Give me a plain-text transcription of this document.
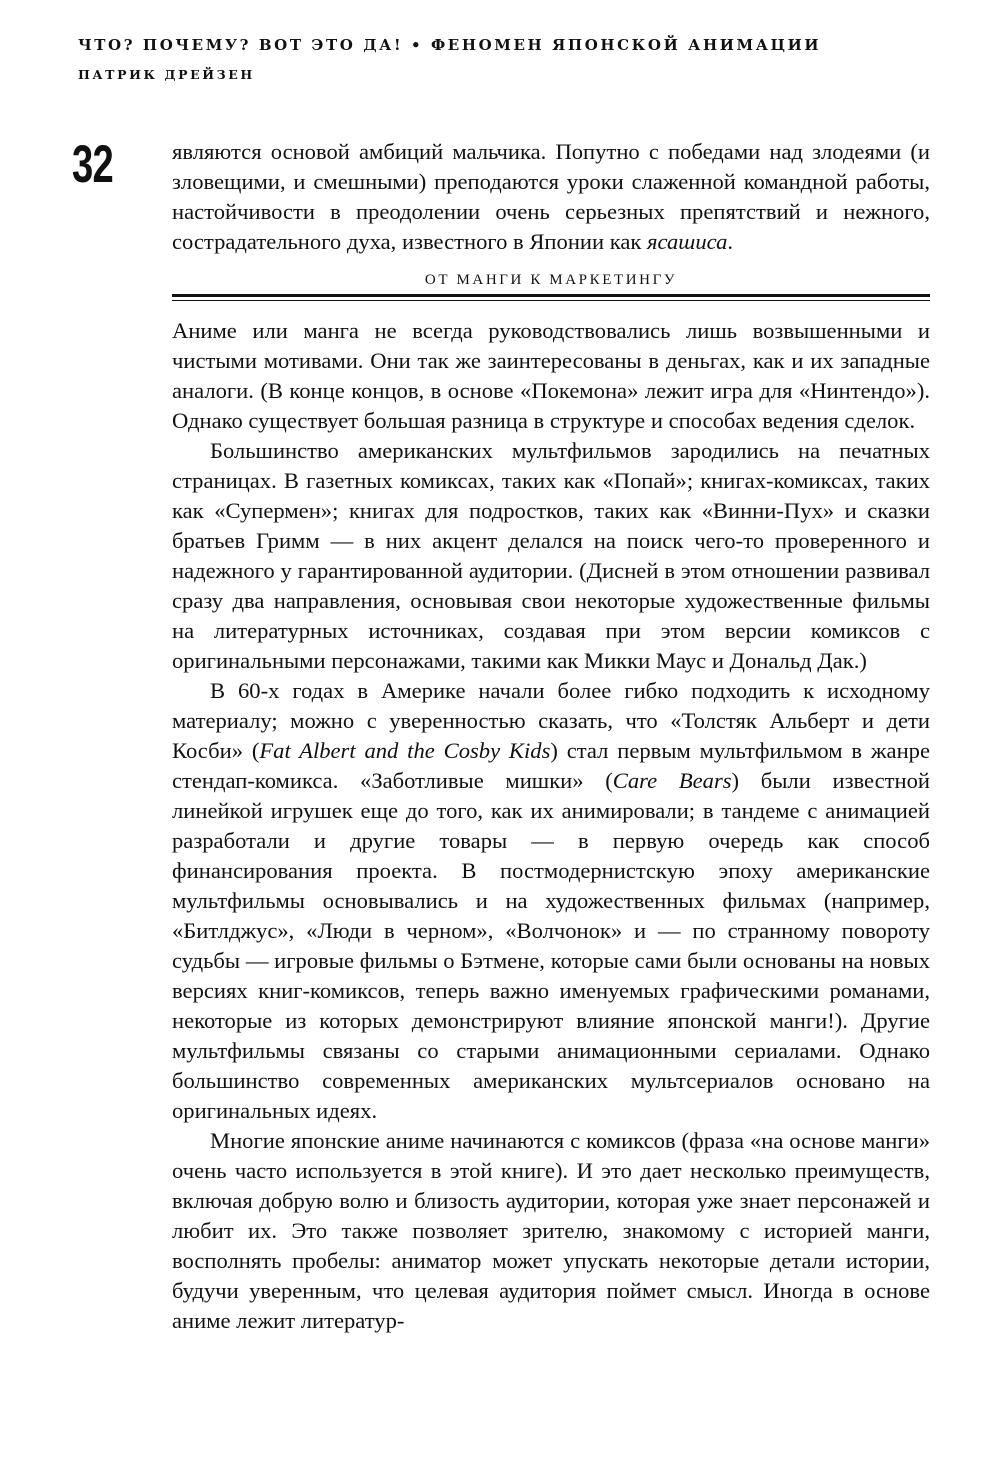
ЧТО? ПОЧЕМУ? ВОТ ЭТО ДА! • ФЕНОМЕН ЯПОНСКОЙ АНИМАЦИИ
ПАТРИК ДРЕЙЗЕН
32	являются основой амбиций мальчика. Попутно с победами над злодеями (и зловещими, и смешными) преподаются уроки слаженной командной работы, настойчивости в преодолении очень серьезных препятствий и нежного, сострадательного духа, известного в Японии как ясашиса.

ОТ МАНГИ К МАРКЕТИНГУ

Аниме или манга не всегда руководствовались лишь возвышенными и чистыми мотивами. Они так же заинтересованы в деньгах, как и их западные аналоги. (В конце концов, в основе «Покемона» лежит игра для «Нинтендо»). Однако существует большая разница в структуре и способах ведения сделок.

Большинство американских мультфильмов зародились на печатных страницах. В газетных комиксах, таких как «Попай»; книгах-комиксах, таких как «Супермен»; книгах для подростков, таких как «Винни-Пух» и сказки братьев Гримм — в них акцент делался на поиск чего-то проверенного и надежного у гарантированной аудитории. (Дисней в этом отношении развивал сразу два направления, основывая свои некоторые художественные фильмы на литературных источниках, создавая при этом версии комиксов с оригинальными персонажами, такими как Микки Маус и Дональд Дак.)

В 60-х годах в Америке начали более гибко подходить к исходному материалу; можно с уверенностью сказать, что «Толстяк Альберт и дети Косби» (Fat Albert and the Cosby Kids) стал первым мультфильмом в жанре стендап-комикса. «Заботливые мишки» (Care Bears) были известной линейкой игрушек еще до того, как их анимировали; в тандеме с анимацией разработали и другие товары — в первую очередь как способ финансирования проекта. В постмодернистскую эпоху американские мультфильмы основывались и на художественных фильмах (например, «Битлджус», «Люди в черном», «Волчонок» и — по странному повороту судьбы — игровые фильмы о Бэтмене, которые сами были основаны на новых версиях книг-комиксов, теперь важно именуемых графическими романами, некоторые из которых демонстрируют влияние японской манги!). Другие мультфильмы связаны со старыми анимационными сериалами. Однако большинство современных американских мультсериалов основано на оригинальных идеях.

Многие японские аниме начинаются с комиксов (фраза «на основе манги» очень часто используется в этой книге). И это дает несколько преимуществ, включая добрую волю и близость аудитории, которая уже знает персонажей и любит их. Это также позволяет зрителю, знакомому с историей манги, восполнять пробелы: аниматор может упускать некоторые детали истории, будучи уверенным, что целевая аудитория поймет смысл. Иногда в основе аниме лежит литератур-
